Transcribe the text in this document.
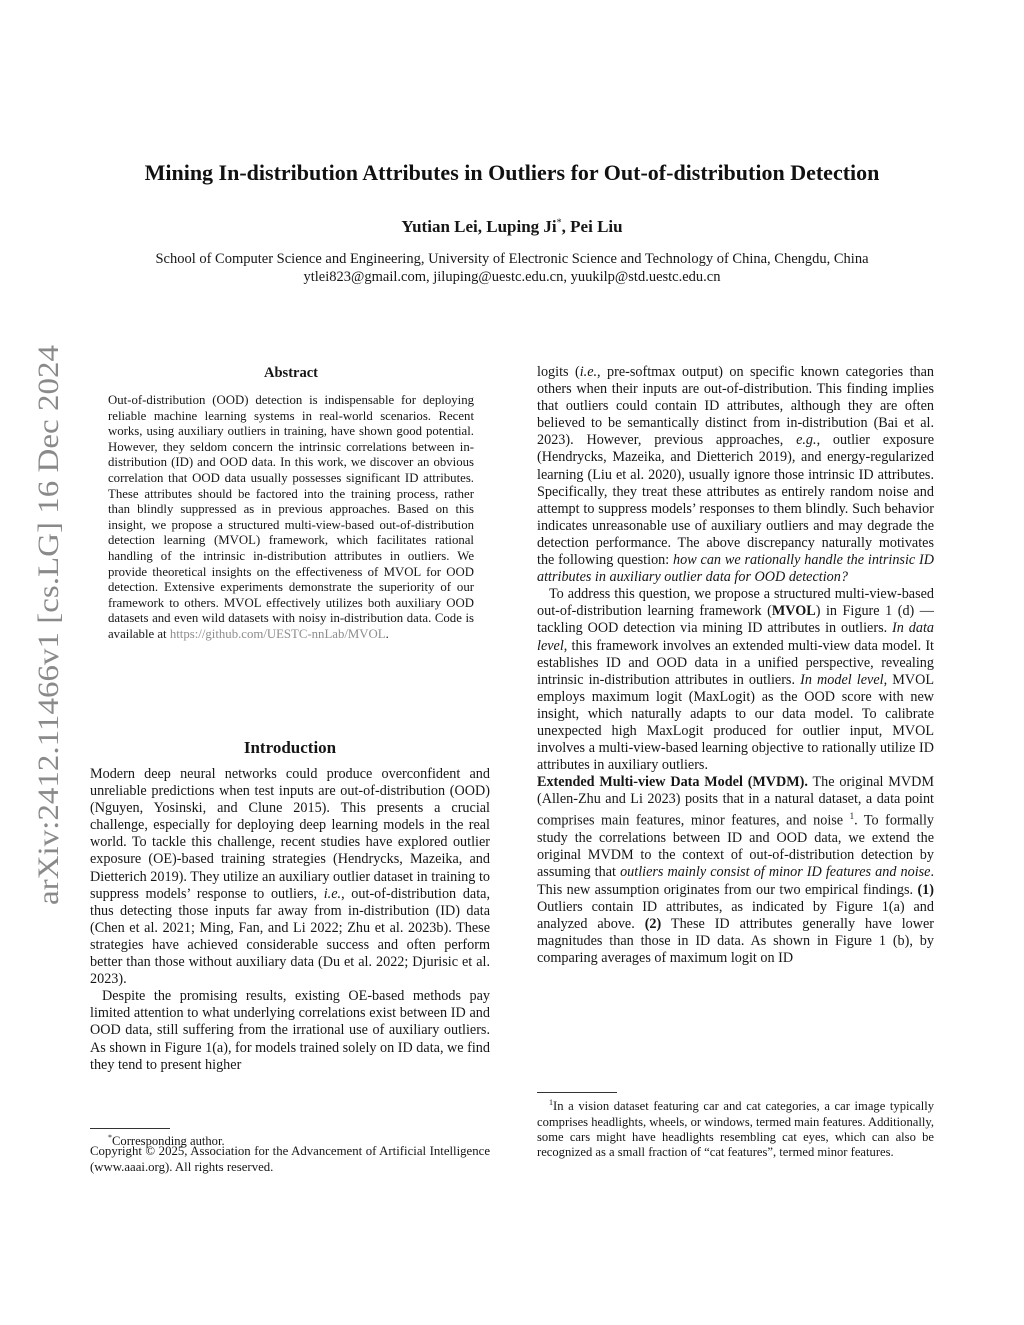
arXiv:2412.11466v1 [cs.LG] 16 Dec 2024
Mining In-distribution Attributes in Outliers for Out-of-distribution Detection
Yutian Lei, Luping Ji*, Pei Liu
School of Computer Science and Engineering, University of Electronic Science and Technology of China, Chengdu, China
ytlei823@gmail.com, jiluping@uestc.edu.cn, yuukilp@std.uestc.edu.cn
Abstract
Out-of-distribution (OOD) detection is indispensable for deploying reliable machine learning systems in real-world scenarios. Recent works, using auxiliary outliers in training, have shown good potential. However, they seldom concern the intrinsic correlations between in-distribution (ID) and OOD data. In this work, we discover an obvious correlation that OOD data usually possesses significant ID attributes. These attributes should be factored into the training process, rather than blindly suppressed as in previous approaches. Based on this insight, we propose a structured multi-view-based out-of-distribution detection learning (MVOL) framework, which facilitates rational handling of the intrinsic in-distribution attributes in outliers. We provide theoretical insights on the effectiveness of MVOL for OOD detection. Extensive experiments demonstrate the superiority of our framework to others. MVOL effectively utilizes both auxiliary OOD datasets and even wild datasets with noisy in-distribution data. Code is available at https://github.com/UESTC-nnLab/MVOL.
Introduction

Modern deep neural networks could produce overconfident and unreliable predictions when test inputs are out-of-distribution (OOD) (Nguyen, Yosinski, and Clune 2015). This presents a crucial challenge, especially for deploying deep learning models in the real world. To tackle this challenge, recent studies have explored outlier exposure (OE)-based training strategies (Hendrycks, Mazeika, and Dietterich 2019). They utilize an auxiliary outlier dataset in training to suppress models’ response to outliers, i.e., out-of-distribution data, thus detecting those inputs far away from in-distribution (ID) data (Chen et al. 2021; Ming, Fan, and Li 2022; Zhu et al. 2023b). These strategies have achieved considerable success and often perform better than those without auxiliary data (Du et al. 2022; Djurisic et al. 2023).

Despite the promising results, existing OE-based methods pay limited attention to what underlying correlations exist between ID and OOD data, still suffering from the irrational use of auxiliary outliers. As shown in Figure 1(a), for models trained solely on ID data, we find they tend to present higher

*Corresponding author.
Copyright © 2025, Association for the Advancement of Artificial Intelligence (www.aaai.org). All rights reserved.

logits (i.e., pre-softmax output) on specific known categories than others when their inputs are out-of-distribution. This finding implies that outliers could contain ID attributes, although they are often believed to be semantically distinct from in-distribution (Bai et al. 2023). However, previous approaches, e.g., outlier exposure (Hendrycks, Mazeika, and Dietterich 2019), and energy-regularized learning (Liu et al. 2020), usually ignore those intrinsic ID attributes. Specifically, they treat these attributes as entirely random noise and attempt to suppress models’ responses to them blindly. Such behavior indicates unreasonable use of auxiliary outliers and may degrade the detection performance. The above discrepancy naturally motivates the following question: how can we rationally handle the intrinsic ID attributes in auxiliary outlier data for OOD detection?

To address this question, we propose a structured multi-view-based out-of-distribution learning framework (MVOL) in Figure 1 (d) — tackling OOD detection via mining ID attributes in outliers. In data level, this framework involves an extended multi-view data model. It establishes ID and OOD data in a unified perspective, revealing intrinsic in-distribution attributes in outliers. In model level, MVOL employs maximum logit (MaxLogit) as the OOD score with new insight, which naturally adapts to our data model. To calibrate unexpected high MaxLogit produced for outlier input, MVOL involves a multi-view-based learning objective to rationally utilize ID attributes in auxiliary outliers.

Extended Multi-view Data Model (MVDM). The original MVDM (Allen-Zhu and Li 2023) posits that in a natural dataset, a data point comprises main features, minor features, and noise $^1$. To formally study the correlations between ID and OOD data, we extend the original MVDM to the context of out-of-distribution detection by assuming that outliers mainly consist of minor ID features and noise. This new assumption originates from our two empirical findings. (1) Outliers contain ID attributes, as indicated by Figure 1(a) and analyzed above. (2) These ID attributes generally have lower magnitudes than those in ID data. As shown in Figure 1 (b), by comparing averages of maximum logit on ID

$^1$In a vision dataset featuring car and cat categories, a car image typically comprises headlights, wheels, or windows, termed main features. Additionally, some cars might have headlights resembling cat eyes, which can also be recognized as a small fraction of “cat features”, termed minor features.
